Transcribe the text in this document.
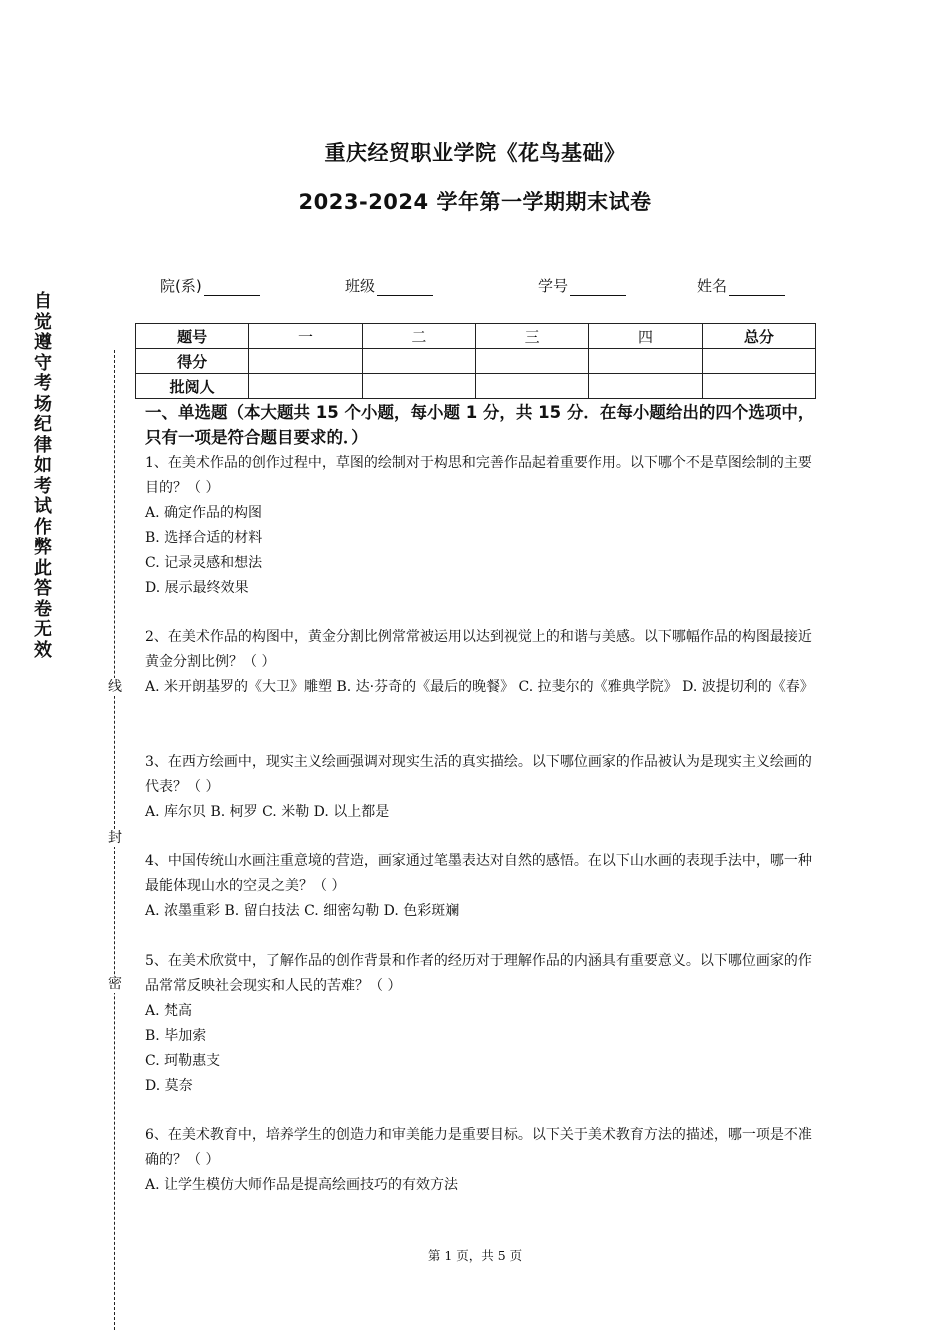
重庆经贸职业学院《花鸟基础》
2023-2024 学年第一学期期末试卷
院(系)	班级	学号	姓名
题号	一	二	三	四	总分
得分					
批阅人					
一、单选题（本大题共 15 个小题，每小题 1 分，共 15 分．在每小题给出的四个选项中，只有一项是符合题目要求的．）
1、在美术作品的创作过程中，草图的绘制对于构思和完善作品起着重要作用。以下哪个不是草图绘制的主要目的？（ ）
A. 确定作品的构图
B. 选择合适的材料
C. 记录灵感和想法
D. 展示最终效果
2、在美术作品的构图中，黄金分割比例常常被运用以达到视觉上的和谐与美感。以下哪幅作品的构图最接近黄金分割比例？（ ）
A. 米开朗基罗的《大卫》雕塑 B. 达·芬奇的《最后的晚餐》 C. 拉斐尔的《雅典学院》 D. 波提切利的《春》
3、在西方绘画中，现实主义绘画强调对现实生活的真实描绘。以下哪位画家的作品被认为是现实主义绘画的代表？（ ）
A. 库尔贝 B. 柯罗 C. 米勒 D. 以上都是
4、中国传统山水画注重意境的营造，画家通过笔墨表达对自然的感悟。在以下山水画的表现手法中，哪一种最能体现山水的空灵之美？（ ）
A. 浓墨重彩 B. 留白技法 C. 细密勾勒 D. 色彩斑斓
5、在美术欣赏中，了解作品的创作背景和作者的经历对于理解作品的内涵具有重要意义。以下哪位画家的作品常常反映社会现实和人民的苦难？（ ）
A. 梵高
B. 毕加索
C. 珂勒惠支
D. 莫奈
6、在美术教育中，培养学生的创造力和审美能力是重要目标。以下关于美术教育方法的描述，哪一项是不准确的？（ ）
A. 让学生模仿大师作品是提高绘画技巧的有效方法
自
觉
遵
守
考
场
纪
律
如
考
试
作
弊
此
答
卷
无
效
线
封
密
第 1 页，共 5 页
